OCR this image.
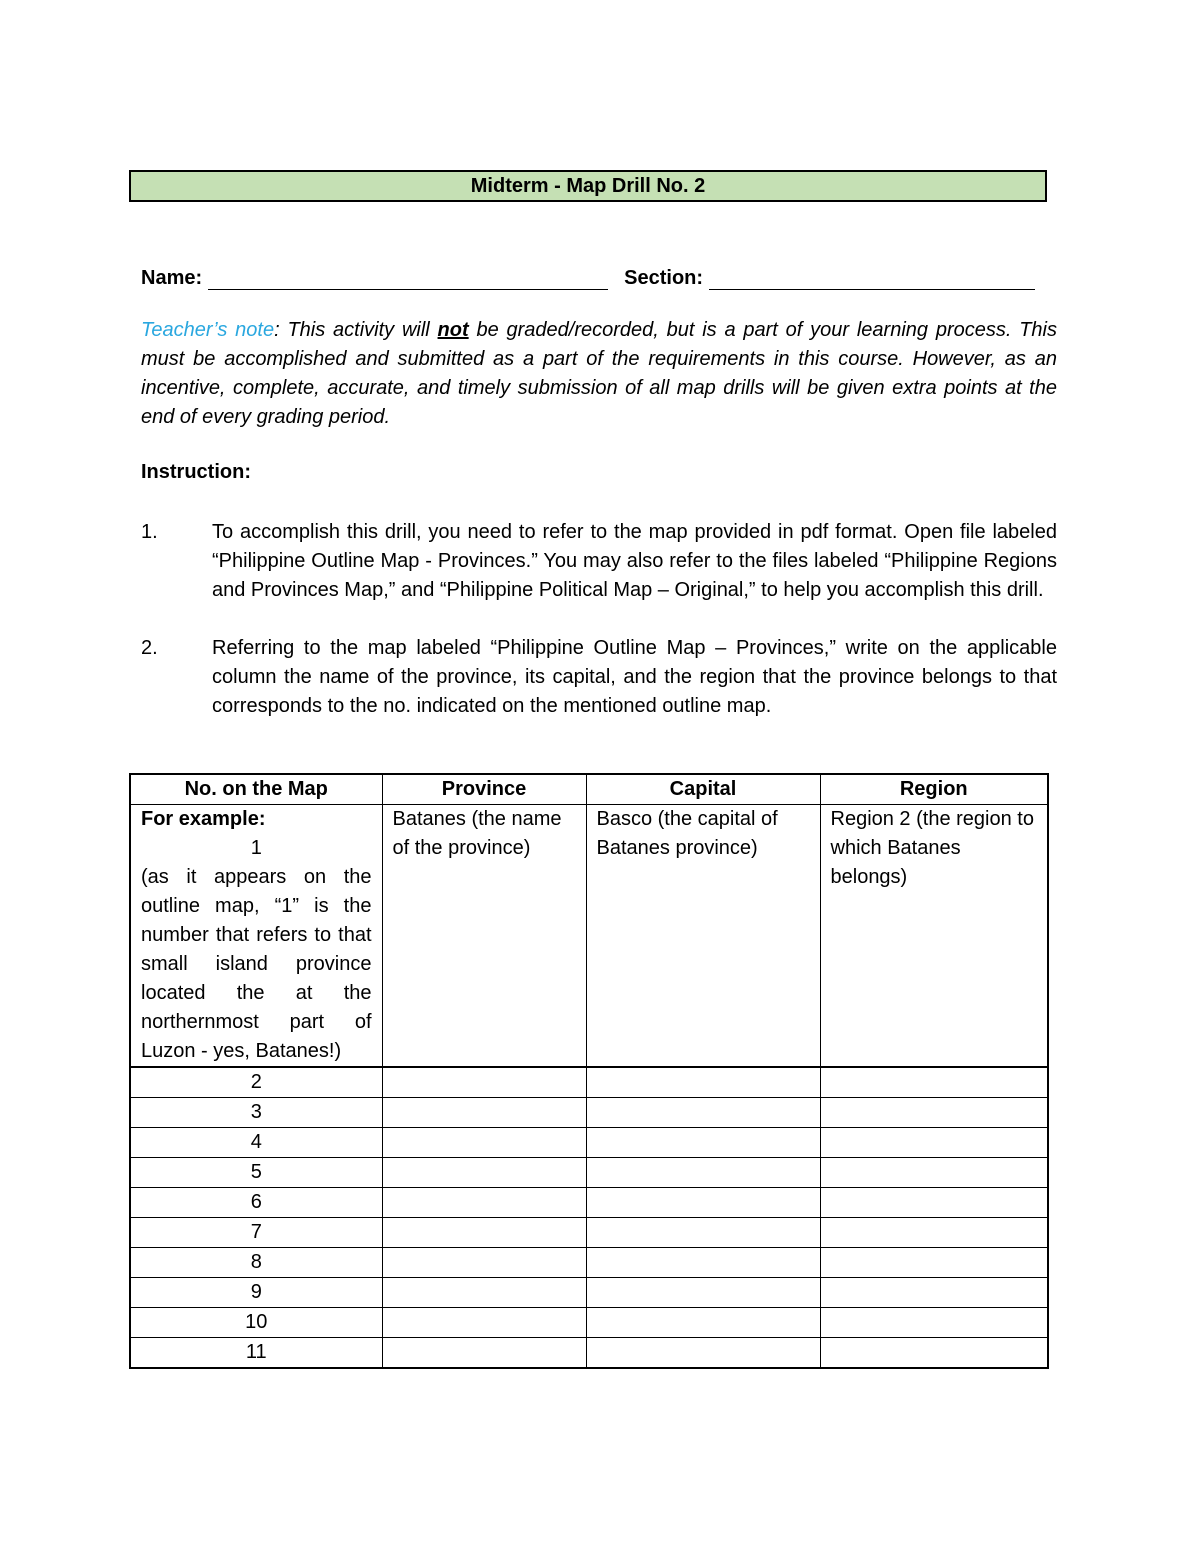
Midterm - Map Drill No. 2
Name:	Section:
Teacher’s note: This activity will not be graded/recorded, but is a part of your learning process. This must be accomplished and submitted as a part of the requirements in this course. However, as an incentive, complete, accurate, and timely submission of all map drills will be given extra points at the end of every grading period.
Instruction:
1.	To accomplish this drill, you need to refer to the map provided in pdf format. Open file labeled “Philippine Outline Map - Provinces.” You may also refer to the files labeled “Philippine Regions and Provinces Map,” and “Philippine Political Map – Original,” to help you accomplish this drill.
2.	Referring to the map labeled “Philippine Outline Map – Provinces,” write on the applicable column the name of the province, its capital, and the region that the province belongs to that corresponds to the no. indicated on the mentioned outline map.
No. on the Map	Province	Capital	Region

For example:
1
(as it appears on the outline map, “1” is the number that refers to that small island province located the at the northernmost part of Luzon - yes, Batanes!)	Batanes (the name of the province)	Basco (the capital of Batanes province)	Region 2 (the region to which Batanes belongs)
2			
3			
4			
5			
6			
7			
8			
9			
10			
11			
